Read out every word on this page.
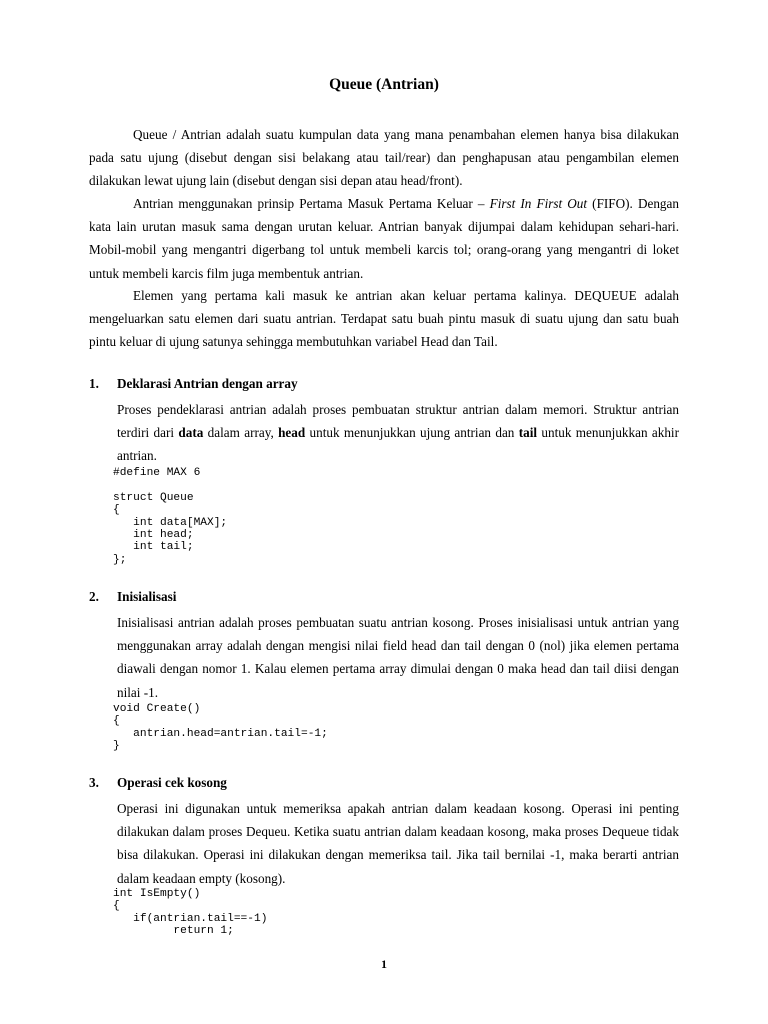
Queue (Antrian)

Queue / Antrian adalah suatu kumpulan data yang mana penambahan elemen hanya bisa dilakukan pada satu ujung (disebut dengan sisi belakang atau tail/rear) dan penghapusan atau pengambilan elemen dilakukan lewat ujung lain (disebut dengan sisi depan atau head/front).

Antrian menggunakan prinsip Pertama Masuk Pertama Keluar – First In First Out (FIFO). Dengan kata lain urutan masuk sama dengan urutan keluar. Antrian banyak dijumpai dalam kehidupan sehari-hari. Mobil-mobil yang mengantri digerbang tol untuk membeli karcis tol; orang-orang yang mengantri di loket untuk membeli karcis film juga membentuk antrian.

Elemen yang pertama kali masuk ke antrian akan keluar pertama kalinya. DEQUEUE adalah mengeluarkan satu elemen dari suatu antrian. Terdapat satu buah pintu masuk di suatu ujung dan satu buah pintu keluar di ujung satunya sehingga membutuhkan variabel Head dan Tail.

1. Deklarasi Antrian dengan array

Proses pendeklarasi antrian adalah proses pembuatan struktur antrian dalam memori. Struktur antrian terdiri dari data dalam array, head untuk menunjukkan ujung antrian dan tail untuk menunjukkan akhir antrian.

#define MAX 6

struct Queue
{
int data[MAX];
int head;
int tail;
};

2. Inisialisasi

Inisialisasi antrian adalah proses pembuatan suatu antrian kosong. Proses inisialisasi untuk antrian yang menggunakan array adalah dengan mengisi nilai field head dan tail dengan 0 (nol) jika elemen pertama diawali dengan nomor 1. Kalau elemen pertama array dimulai dengan 0 maka head dan tail diisi dengan nilai -1.

void Create()
{
antrian.head=antrian.tail=-1;
}

3. Operasi cek kosong

Operasi ini digunakan untuk memeriksa apakah antrian dalam keadaan kosong. Operasi ini penting dilakukan dalam proses Dequeu. Ketika suatu antrian dalam keadaan kosong, maka proses Dequeue tidak bisa dilakukan. Operasi ini dilakukan dengan memeriksa tail. Jika tail bernilai -1, maka berarti antrian dalam keadaan empty (kosong).

int IsEmpty()
{
if(antrian.tail==-1)
return 1;
1
